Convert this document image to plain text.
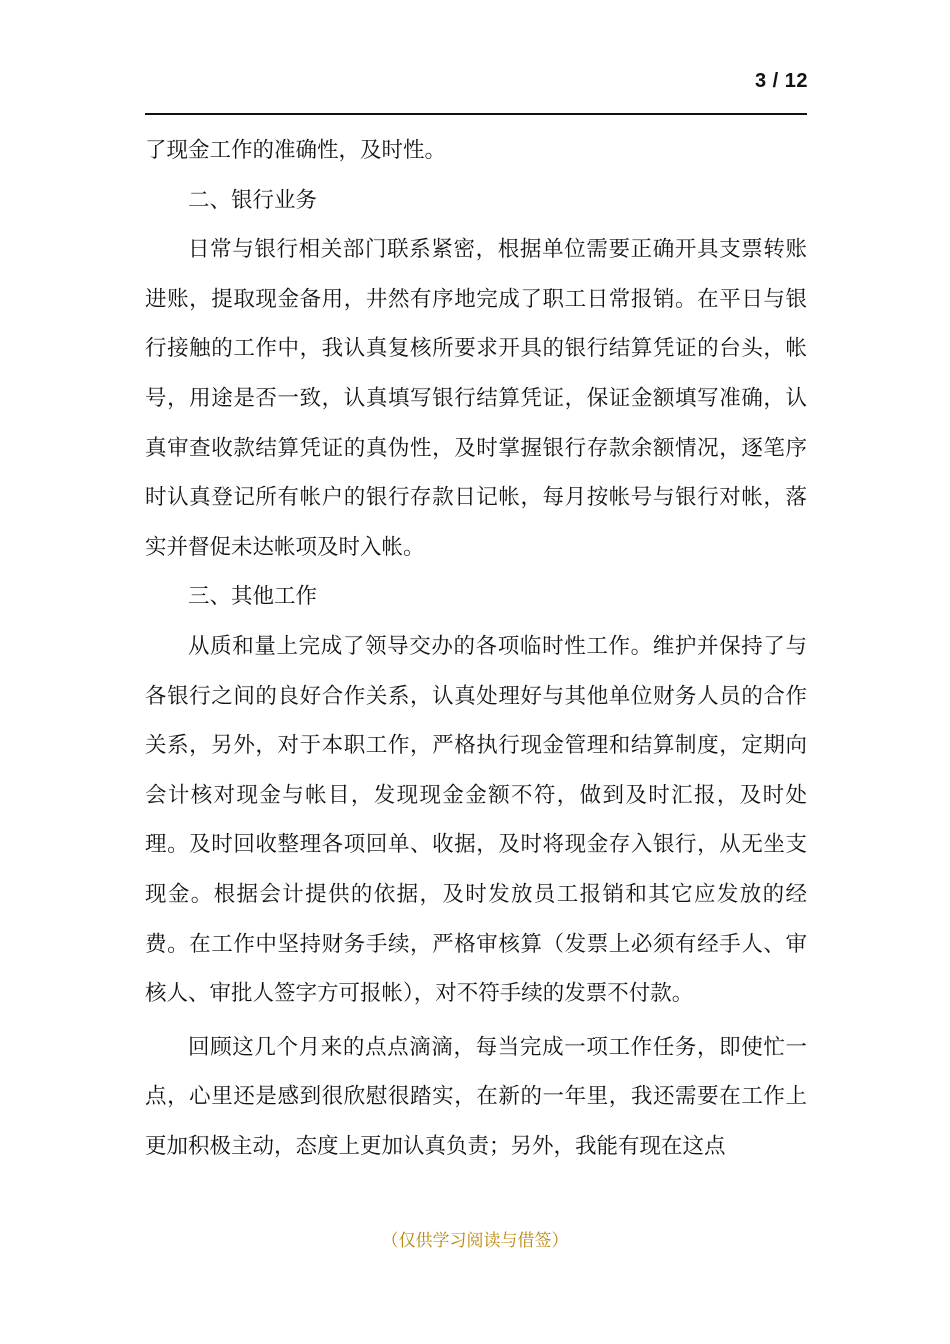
3 / 12

了现金工作的准确性，及时性。

二、银行业务

日常与银行相关部门联系紧密，根据单位需要正确开具支票转账进账，提取现金备用，井然有序地完成了职工日常报销。在平日与银行接触的工作中，我认真复核所要求开具的银行结算凭证的台头，帐号，用途是否一致，认真填写银行结算凭证，保证金额填写准确，认真审查收款结算凭证的真伪性，及时掌握银行存款余额情况，逐笔序时认真登记所有帐户的银行存款日记帐，每月按帐号与银行对帐，落实并督促未达帐项及时入帐。

三、其他工作

从质和量上完成了领导交办的各项临时性工作。维护并保持了与各银行之间的良好合作关系，认真处理好与其他单位财务人员的合作关系，另外，对于本职工作，严格执行现金管理和结算制度，定期向会计核对现金与帐目，发现现金金额不符，做到及时汇报，及时处理。及时回收整理各项回单、收据，及时将现金存入银行，从无坐支现金。根据会计提供的依据，及时发放员工报销和其它应发放的经费。在工作中坚持财务手续，严格审核算（发票上必须有经手人、审核人、审批人签字方可报帐），对不符手续的发票不付款。

回顾这几个月来的点点滴滴，每当完成一项工作任务，即使忙一点，心里还是感到很欣慰很踏实，在新的一年里，我还需要在工作上更加积极主动，态度上更加认真负责；另外，我能有现在这点

（仅供学习阅读与借签）
